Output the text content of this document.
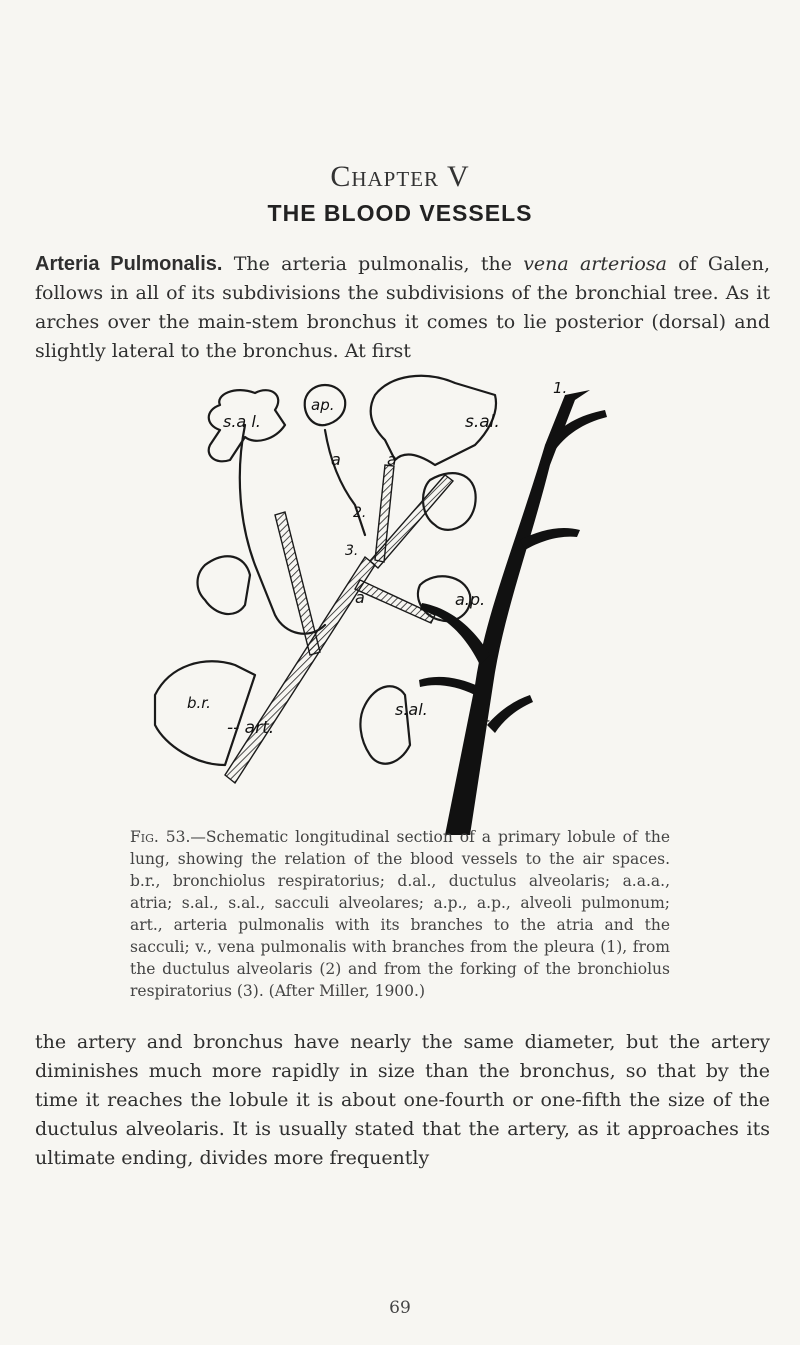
Chapter V
THE BLOOD VESSELS
Arteria Pulmonalis. The arteria pulmonalis, the vena arteriosa of Galen, follows in all of its subdivisions the subdivisions of the bronchial tree. As it arches over the main-stem bronchus it comes to lie posterior (dorsal) and slightly lateral to the bronchus. At first
s.a l.
ap.
s.al.
1.
a	a
2.
3.
a	a.p.
b.r.
-- art.
s.al.
---v
Fig. 53.—Schematic longitudinal section of a primary lobule of the lung, showing the relation of the blood vessels to the air spaces. b.r., bronchiolus respiratorius; d.al., ductulus alveolaris; a.a.a., atria; s.al., s.al., sacculi alveolares; a.p., a.p., alveoli pulmonum; art., arteria pulmonalis with its branches to the atria and the sacculi; v., vena pulmonalis with branches from the pleura (1), from the ductulus alveolaris (2) and from the forking of the bronchiolus respiratorius (3). (After Miller, 1900.)
the artery and bronchus have nearly the same diameter, but the artery diminishes much more rapidly in size than the bronchus, so that by the time it reaches the lobule it is about one-fourth or one-fifth the size of the ductulus alveolaris. It is usually stated that the artery, as it approaches its ultimate ending, divides more frequently
69
